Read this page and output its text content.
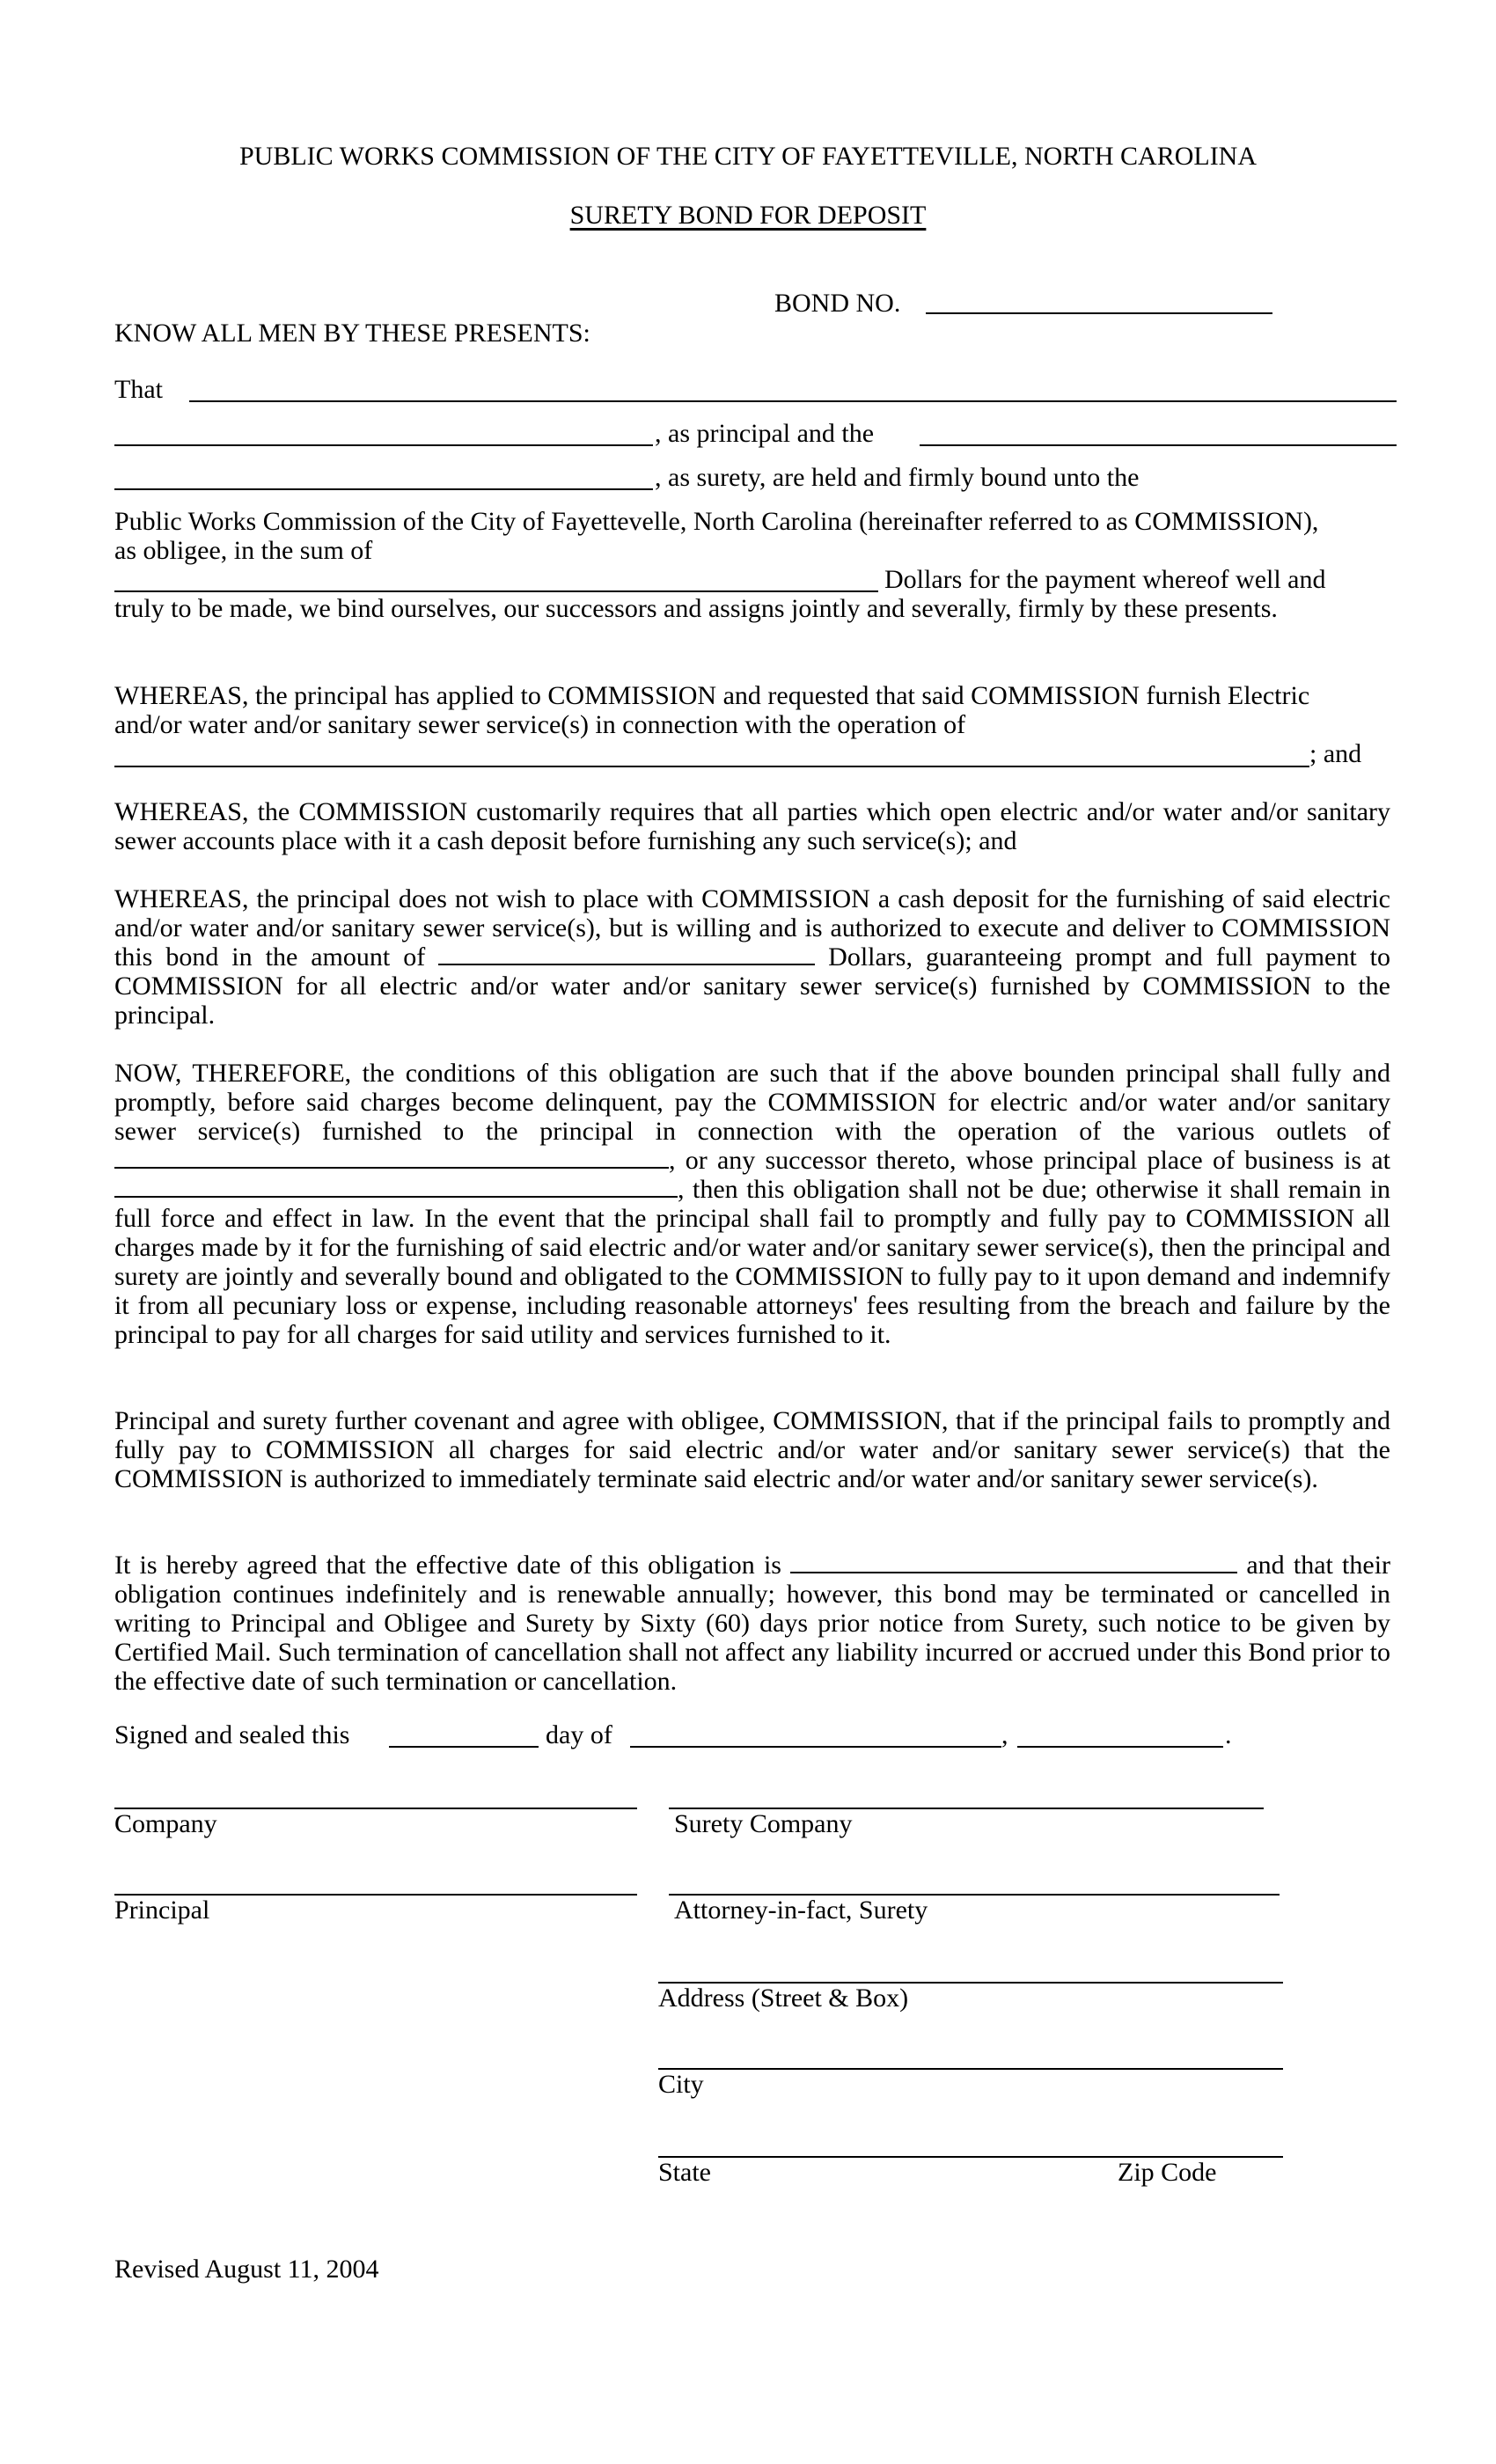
PUBLIC WORKS COMMISSION OF THE CITY OF FAYETTEVILLE, NORTH CAROLINA
SURETY BOND FOR DEPOSIT
BOND NO.
KNOW ALL MEN BY THESE PRESENTS:
That
, as principal and the
, as surety, are held and firmly bound unto the

Public Works Commission of the City of Fayettevelle, North Carolina (hereinafter referred to as COMMISSION), as obligee, in the sum of

Dollars for the payment whereof well and

truly to be made, we bind ourselves, our successors and assigns jointly and severally, firmly by these presents.

WHEREAS, the principal has applied to COMMISSION and requested that said COMMISSION furnish Electric and/or water and/or sanitary sewer service(s) in connection with the operation of

; and

WHEREAS, the COMMISSION customarily requires that all parties which open electric and/or water and/or sanitary sewer accounts place with it a cash deposit before furnishing any such service(s); and

WHEREAS, the principal does not wish to place with COMMISSION a cash deposit for the furnishing of said electric and/or water and/or sanitary sewer service(s), but is willing and is authorized to execute and deliver to COMMISSION this bond in the amount of	Dollars, guaranteeing prompt and full payment to COMMISSION for all electric and/or water and/or sanitary sewer service(s) furnished by COMMISSION to the principal.

NOW, THEREFORE, the conditions of this obligation are such that if the above bounden principal shall fully and promptly, before said charges become delinquent, pay the COMMISSION for electric and/or water and/or sanitary sewer service(s) furnished to the principal in connection with the operation of the various outlets of , or any successor thereto, whose principal place of business is at , then this obligation shall not be due; otherwise it shall remain in full force and effect in law. In the event that the principal shall fail to promptly and fully pay to COMMISSION all charges made by it for the furnishing of said electric and/or water and/or sanitary sewer service(s), then the principal and surety are jointly and severally bound and obligated to the COMMISSION to fully pay to it upon demand and indemnify it from all pecuniary loss or expense, including reasonable attorneys' fees resulting from the breach and failure by the principal to pay for all charges for said utility and services furnished to it.

Principal and surety further covenant and agree with obligee, COMMISSION, that if the principal fails to promptly and fully pay to COMMISSION all charges for said electric and/or water and/or sanitary sewer service(s) that the COMMISSION is authorized to immediately terminate said electric and/or water and/or sanitary sewer service(s).

It is hereby agreed that the effective date of this obligation is	and that their obligation continues indefinitely and is renewable annually; however, this bond may be terminated or cancelled in writing to Principal and Obligee and Surety by Sixty (60) days prior notice from Surety, such notice to be given by Certified Mail. Such termination of cancellation shall not affect any liability incurred or accrued under this Bond prior to the effective date of such termination or cancellation.

Signed and sealed this	day of	,	.
Company	Surety Company
Principal	Attorney-in-fact, Surety
Address (Street & Box)
City
State	Zip Code
Revised August 11, 2004
